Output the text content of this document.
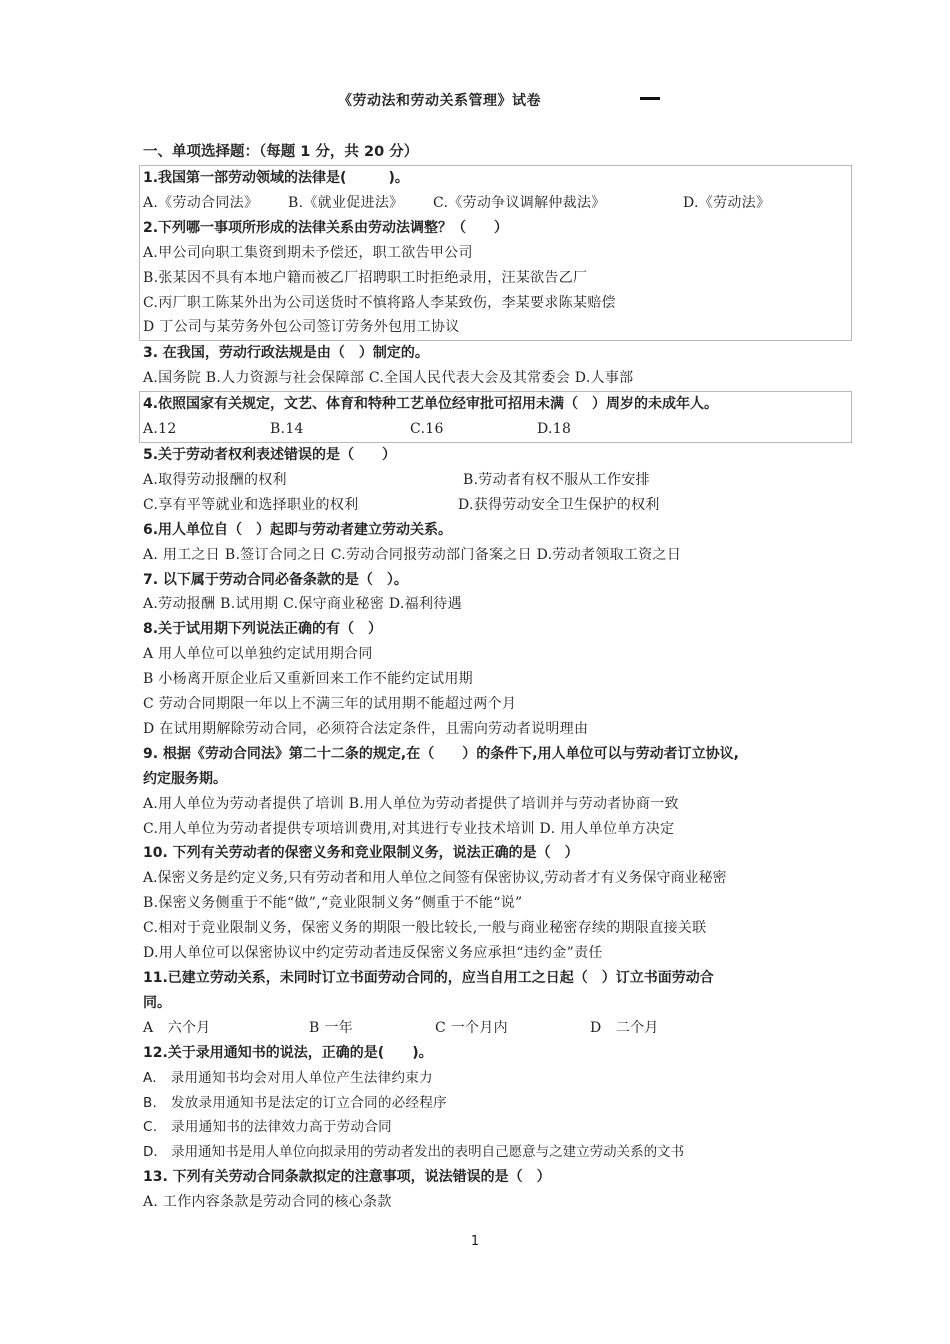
《劳动法和劳动关系管理》试卷
一、单项选择题：（每题 1 分，共 20 分）
1.我国第一部劳动领域的法律是(　　　)。
A.《劳动合同法》	B.《就业促进法》	C.《劳动争议调解仲裁法》	D.《劳动法》
2.下列哪一事项所形成的法律关系由劳动法调整？（　　）
A.甲公司向职工集资到期未予偿还，职工欲告甲公司
B.张某因不具有本地户籍而被乙厂招聘职工时拒绝录用，汪某欲告乙厂
C.丙厂职工陈某外出为公司送货时不慎将路人李某致伤，李某要求陈某赔偿
D 丁公司与某劳务外包公司签订劳务外包用工协议
3. 在我国，劳动行政法规是由（　）制定的。
A.国务院 B.人力资源与社会保障部 C.全国人民代表大会及其常委会 D.人事部
4.依照国家有关规定，文艺、体育和特种工艺单位经审批可招用未满（　）周岁的未成年人。
A.12	B.14	C.16	D.18
5.关于劳动者权利表述错误的是（　　）
A.取得劳动报酬的权利	B.劳动者有权不服从工作安排
C.享有平等就业和选择职业的权利	D.获得劳动安全卫生保护的权利
6.用人单位自（　）起即与劳动者建立劳动关系。
A. 用工之日 B.签订合同之日 C.劳动合同报劳动部门备案之日 D.劳动者领取工资之日
7. 以下属于劳动合同必备条款的是（　）。
A.劳动报酬 B.试用期 C.保守商业秘密 D.福利待遇
8.关于试用期下列说法正确的有（　）
A 用人单位可以单独约定试用期合同
B 小杨离开原企业后又重新回来工作不能约定试用期
C 劳动合同期限一年以上不满三年的试用期不能超过两个月
D 在试用期解除劳动合同，必须符合法定条件，且需向劳动者说明理由
9. 根据《劳动合同法》第二十二条的规定,在（　　）的条件下,用人单位可以与劳动者订立协议,
约定服务期。
A.用人单位为劳动者提供了培训 B.用人单位为劳动者提供了培训并与劳动者协商一致
C.用人单位为劳动者提供专项培训费用,对其进行专业技术培训 D. 用人单位单方决定
10. 下列有关劳动者的保密义务和竞业限制义务，说法正确的是（　）
A.保密义务是约定义务,只有劳动者和用人单位之间签有保密协议,劳动者才有义务保守商业秘密
B.保密义务侧重于不能“做”,“竞业限制义务”侧重于不能“说”
C.相对于竞业限制义务，保密义务的期限一般比较长,一般与商业秘密存续的期限直接关联
D.用人单位可以保密协议中约定劳动者违反保密义务应承担“违约金”责任
11.已建立劳动关系，未同时订立书面劳动合同的，应当自用工之日起（　）订立书面劳动合
同。
A　六个月	B 一年	C 一个月内	D　二个月
12.关于录用通知书的说法，正确的是(　　)。
A.　录用通知书均会对用人单位产生法律约束力
B.　发放录用通知书是法定的订立合同的必经程序
C.　录用通知书的法律效力高于劳动合同
D.　录用通知书是用人单位向拟录用的劳动者发出的表明自己愿意与之建立劳动关系的文书
13. 下列有关劳动合同条款拟定的注意事项，说法错误的是（　）
A. 工作内容条款是劳动合同的核心条款
1
